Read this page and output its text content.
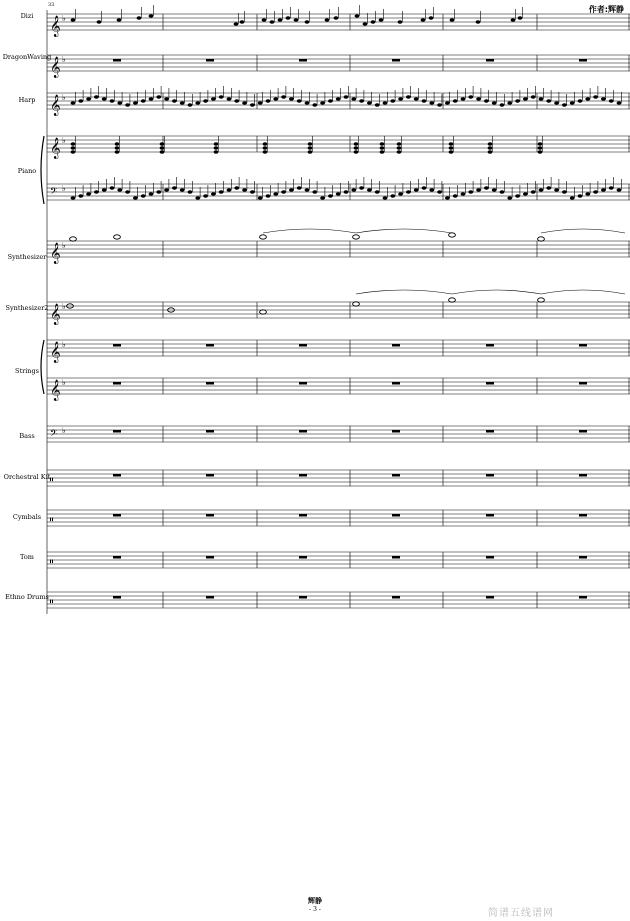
33	作者:辉静
Dizi
DragonWaving
Harp
Piano
Synthesizer
Synthesizer2
Strings
Bass
Orchestral Kit
Cymbals
Tom
Ethno Drums
𝄞 ♭
𝄞 ♭
𝄞 ♭
𝄞 ♭
𝄢 ♭
𝄞 ♭
𝄞 ♭
𝄞 ♭
𝄞 ♭
𝄢 ♭
𝄥
𝄥
𝄥
𝄥
辉静
- 3 -	简谱五线谱网
